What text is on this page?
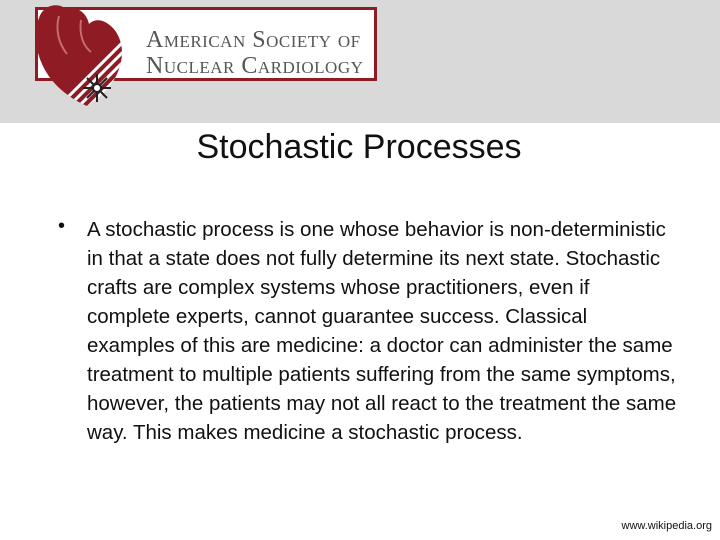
American Society of
Nuclear Cardiology
Stochastic Processes
• A stochastic process is one whose behavior is non-deterministic in that a state does not fully determine its next state. Stochastic crafts are complex systems whose practitioners, even if complete experts, cannot guarantee success. Classical examples of this are medicine: a doctor can administer the same treatment to multiple patients suffering from the same symptoms, however, the patients may not all react to the treatment the same way. This makes medicine a stochastic process.
www.wikipedia.org
